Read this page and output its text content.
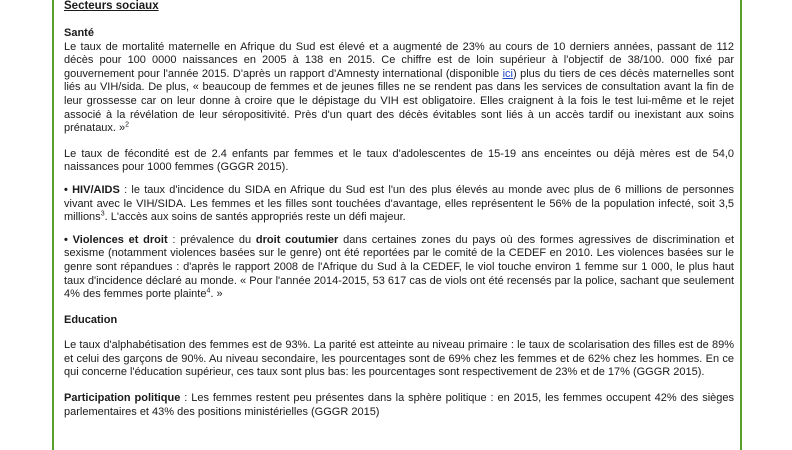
Secteurs sociaux

Santé

Le taux de mortalité maternelle en Afrique du Sud est élevé et a augmenté de 23% au cours de 10 derniers années, passant de 112 décès pour 100 0000 naissances en 2005 à 138 en 2015. Ce chiffre est de loin supérieur à l'objectif de 38/100. 000 fixé par gouvernement pour l'année 2015. D'après un rapport d'Amnesty international (disponible ici) plus du tiers de ces décès maternelles sont liés au VIH/sida. De plus, « beaucoup de femmes et de jeunes filles ne se rendent pas dans les services de consultation avant la fin de leur grossesse car on leur donne à croire que le dépistage du VIH est obligatoire. Elles craignent à la fois le test lui-même et le rejet associé à la révélation de leur séropositivité. Près d'un quart des décès évitables sont liés à un accès tardif ou inexistant aux soins prénataux. »$^2$

Le taux de fécondité est de 2.4 enfants par femmes et le taux d'adolescentes de 15-19 ans enceintes ou déjà mères est de 54,0 naissances pour 1000 femmes (GGGR 2015).

• HIV/AIDS : le taux d'incidence du SIDA en Afrique du Sud est l'un des plus élevés au monde avec plus de 6 millions de personnes vivant avec le VIH/SIDA. Les femmes et les filles sont touchées d'avantage, elles représentent le 56% de la population infecté, soit 3,5 millions$^3$. L'accès aux soins de santés appropriés reste un défi majeur.

• Violences et droit : prévalence du droit coutumier dans certaines zones du pays où des formes agressives de discrimination et sexisme (notamment violences basées sur le genre) ont été reportées par le comité de la CEDEF en 2010. Les violences basées sur le genre sont répandues : d'après le rapport 2008 de l'Afrique du Sud à la CEDEF, le viol touche environ 1 femme sur 1 000, le plus haut taux d'incidence déclaré au monde. « Pour l'année 2014-2015, 53 617 cas de viols ont été recensés par la police, sachant que seulement 4% des femmes porte plainte$^4$. »

Education

Le taux d'alphabétisation des femmes est de 93%. La parité est atteinte au niveau primaire : le taux de scolarisation des filles est de 89% et celui des garçons de 90%. Au niveau secondaire, les pourcentages sont de 69% chez les femmes et de 62% chez les hommes. En ce qui concerne l'éducation supérieur, ces taux sont plus bas: les pourcentages sont respectivement de 23% et de 17% (GGGR 2015).

Participation politique : Les femmes restent peu présentes dans la sphère politique : en 2015, les femmes occupent 42% des sièges parlementaires et 43% des positions ministérielles (GGGR 2015)
